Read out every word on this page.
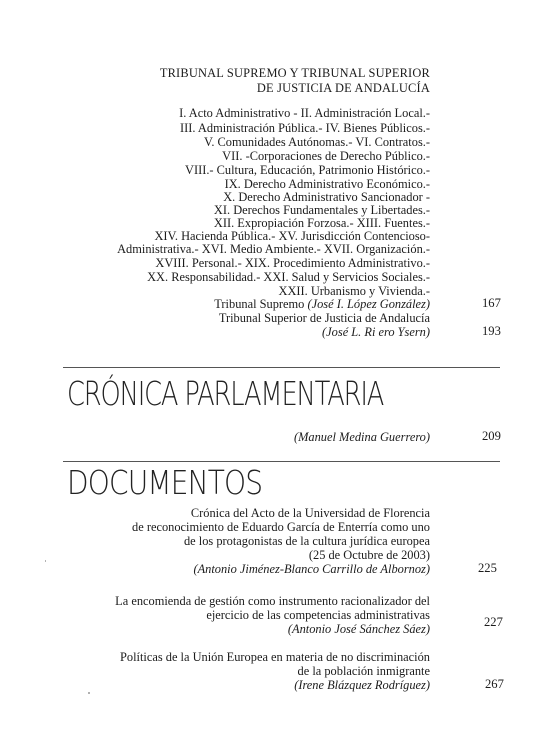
TRIBUNAL SUPREMO Y TRIBUNAL SUPERIOR
DE JUSTICIA DE ANDALUCÍA
I. Acto Administrativo - II. Administración Local.-
III. Administración Pública.- IV. Bienes Públicos.-
V. Comunidades Autónomas.- VI. Contratos.-
VII. -Corporaciones de Derecho Público.-
VIII.- Cultura, Educación, Patrimonio Histórico.-
IX. Derecho Administrativo Económico.-
X. Derecho Administrativo Sancionador -
XI. Derechos Fundamentales y Libertades.-
XII. Expropiación Forzosa.- XIII. Fuentes.-
XIV. Hacienda Pública.- XV. Jurisdicción Contencioso-
Administrativa.- XVI. Medio Ambiente.- XVII. Organización.-
XVIII. Personal.- XIX. Procedimiento Administrativo.-
XX. Responsabilidad.- XXI. Salud y Servicios Sociales.-
XXII. Urbanismo y Vivienda.-
Tribunal Supremo (José I. López González)	167
Tribunal Superior de Justicia de Andalucía
(José L. Ri ero Ysern)	193
CRÓNICA PARLAMENTARIA
(Manuel Medina Guerrero)	209
DOCUMENTOS
Crónica del Acto de la Universidad de Florencia
de reconocimiento de Eduardo García de Enterría como uno
de los protagonistas de la cultura jurídica europea
(25 de Octubre de 2003)
(Antonio Jiménez-Blanco Carrillo de Albornoz)	225
La encomienda de gestión como instrumento racionalizador del
ejercicio de las competencias administrativas
(Antonio José Sánchez Sáez)	227
Políticas de la Unión Europea en materia de no discriminación
de la población inmigrante
(Irene Blázquez Rodríguez)	267
